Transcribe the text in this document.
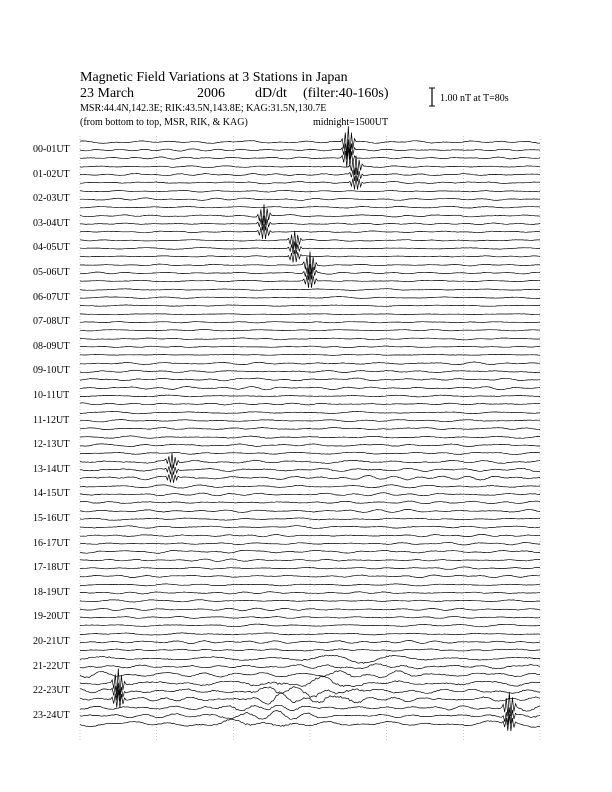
Magnetic Field Variations at 3 Stations in Japan
23 March	2006 dD/dt (filter:40-160s)
MSR:44.4N,142.3E; RIK:43.5N,143.8E; KAG:31.5N,130.7E
(from bottom to top, MSR, RIK, & KAG)	midnight=1500UT
1.00 nT at T=80s
00-01UT
01-02UT
02-03UT
03-04UT
04-05UT
05-06UT
06-07UT
07-08UT
08-09UT
09-10UT
10-11UT
11-12UT
12-13UT
13-14UT
14-15UT
15-16UT
16-17UT
17-18UT
18-19UT
19-20UT
20-21UT
21-22UT
22-23UT
23-24UT
